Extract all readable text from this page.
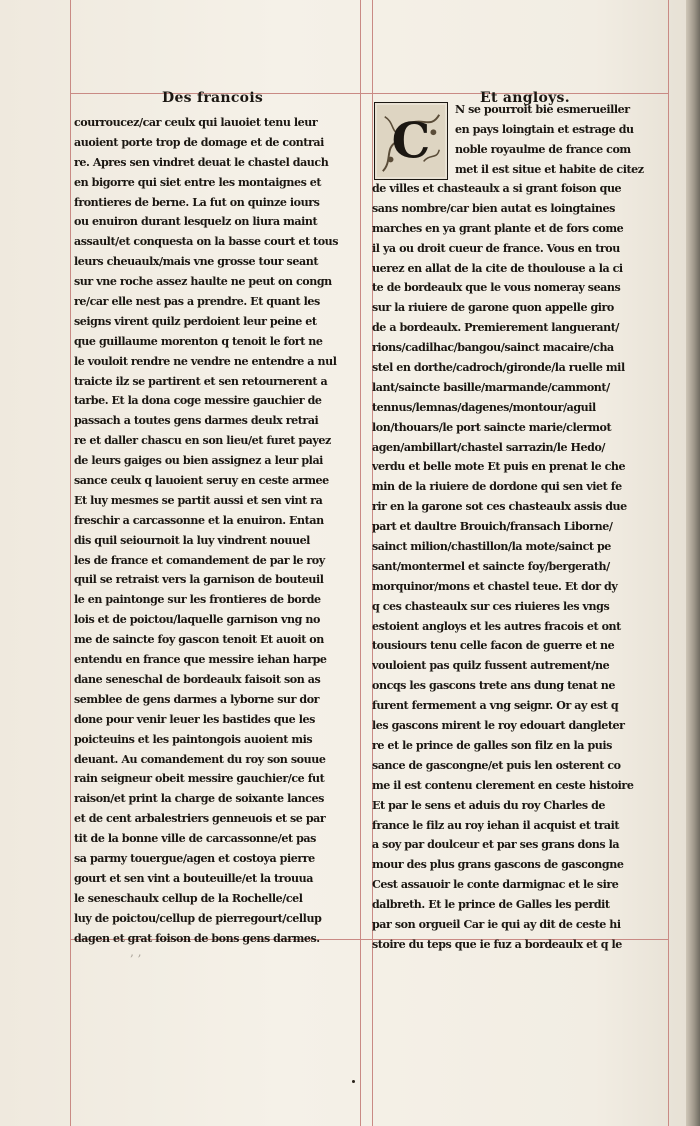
Des francois	Et angloys.
courroucez/car ceulx qui lauoiet tenu leur
auoient porte trop de domage et de contrai
re. Apres sen vindret deuat le chastel dauch
en bigorre qui siet entre les montaignes et
frontieres de berne. La fut on quinze iours
ou enuiron durant lesquelz on liura maint
assault/et conquesta on la basse court et tous
leurs cheuaulx/mais vne grosse tour seant
sur vne roche assez haulte ne peut on congn
re/car elle nest pas a prendre. Et quant les
seigns virent quilz perdoient leur peine et
que guillaume morenton q tenoit le fort ne
le vouloit rendre ne vendre ne entendre a nul
traicte ilz se partirent et sen retournerent a
tarbe. Et la dona coge messire gauchier de
passach a toutes gens darmes deulx retrai
re et daller chascu en son lieu/et furet payez
de leurs gaiges ou bien assignez a leur plai
sance ceulx q lauoient seruy en ceste armee
Et luy mesmes se partit aussi et sen vint ra
freschir a carcassonne et la enuiron. Entan
dis quil seiournoit la luy vindrent nouuel
les de france et comandement de par le roy
quil se retraist vers la garnison de bouteuil
le en paintonge sur les frontieres de borde
lois et de poictou/laquelle garnison vng no
me de saincte foy gascon tenoit Et auoit on
entendu en france que messire iehan harpe
dane seneschal de bordeaulx faisoit son as
semblee de gens darmes a lyborne sur dor
done pour venir leuer les bastides que les
poicteuins et les paintongois auoient mis
deuant. Au comandement du roy son souue
rain seigneur obeit messire gauchier/ce fut
raison/et print la charge de soixante lances
et de cent arbalestriers genneuois et se par
tit de la bonne ville de carcassonne/et pas
sa parmy touergue/agen et costoya pierre
gourt et sen vint a bouteuille/et la trouua
le seneschaulx cellup de la Rochelle/cel
luy de poictou/cellup de pierregourt/cellup
dagen et grat foison de bons gens darmes.
C
N se pourroit bie esmerueiller
en pays loingtain et estrage du
noble royaulme de france com
met il est situe et habite de citez
de villes et chasteaulx a si grant foison que
sans nombre/car bien autat es loingtaines
marches en ya grant plante et de fors come
il ya ou droit cueur de france. Vous en trou
uerez en allat de la cite de thoulouse a la ci
te de bordeaulx que le vous nomeray seans
sur la riuiere de garone quon appelle giro
de a bordeaulx. Premierement languerant/
rions/cadilhac/bangou/sainct macaire/cha
stel en dorthe/cadroch/gironde/la ruelle mil
lant/saincte basille/marmande/cammont/
tennus/lemnas/dagenes/montour/aguil
lon/thouars/le port saincte marie/clermot
agen/ambillart/chastel sarrazin/le Hedo/
verdu et belle mote Et puis en prenat le che
min de la riuiere de dordone qui sen viet fe
rir en la garone sot ces chasteaulx assis due
part et daultre Brouich/fransach Liborne/
sainct milion/chastillon/la mote/sainct pe
sant/montermel et saincte foy/bergerath/
morquinor/mons et chastel teue. Et dor dy
q ces chasteaulx sur ces riuieres les vngs
estoient angloys et les autres fracois et ont
tousiours tenu celle facon de guerre et ne
vouloient pas quilz fussent autrement/ne
oncqs les gascons trete ans dung tenat ne
furent fermement a vng seignr. Or ay est q
les gascons mirent le roy edouart dangleter
re et le prince de galles son filz en la puis
sance de gascongne/et puis len osterent co
me il est contenu clerement en ceste histoire
Et par le sens et aduis du roy Charles de
france le filz au roy iehan il acquist et trait
a soy par doulceur et par ses grans dons la
mour des plus grans gascons de gascongne
Cest assauoir le conte darmignac et le sire
dalbreth. Et le prince de Galles les perdit
par son orgueil Car ie qui ay dit de ceste hi
stoire du teps que ie fuz a bordeaulx et q le
‚ ‚
